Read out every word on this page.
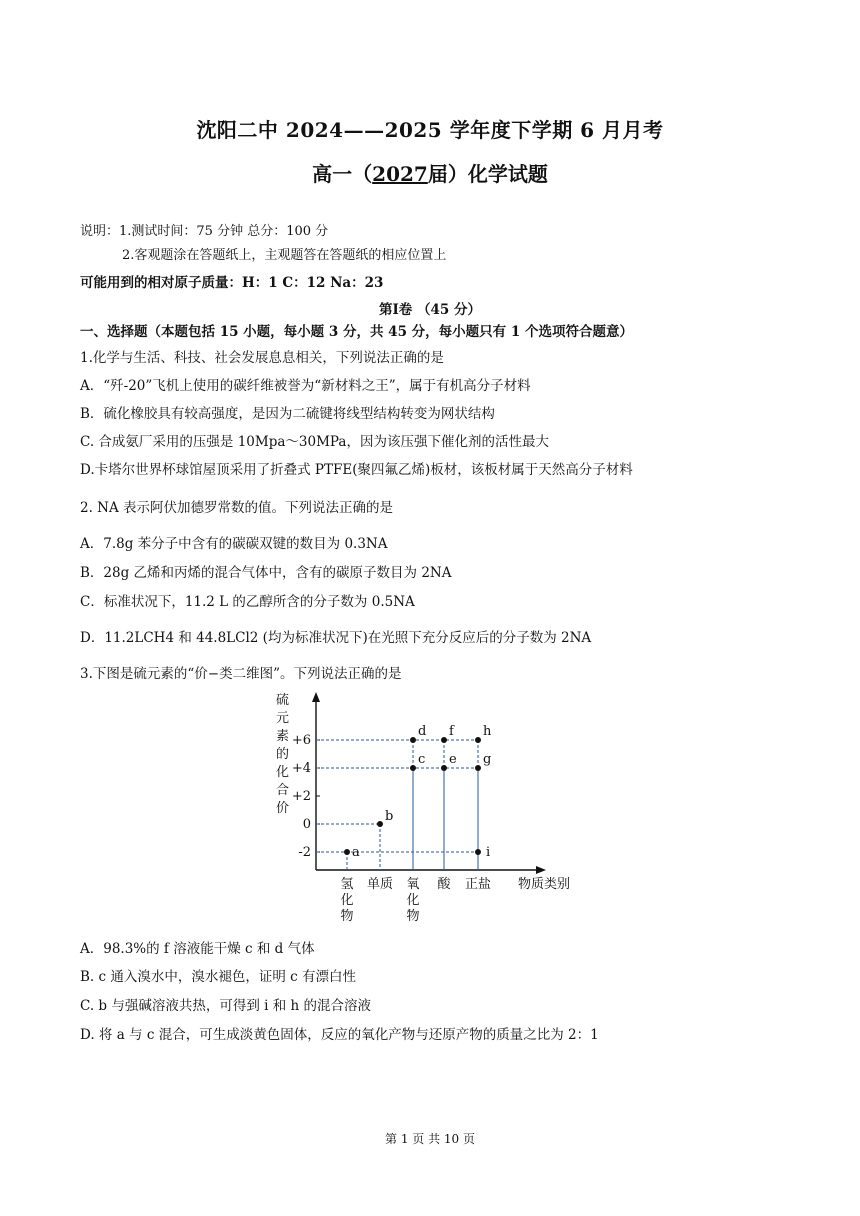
沈阳二中 2024——2025 学年度下学期 6 月月考
高一（2027届）化学试题
说明：1.测试时间：75 分钟 总分：100 分
2.客观题涂在答题纸上，主观题答在答题纸的相应位置上
可能用到的相对原子质量：H：1 C：12 Na：23
第Ⅰ卷 （45 分）
一、选择题（本题包括 15 小题，每小题 3 分，共 45 分，每小题只有 1 个选项符合题意）
1.化学与生活、科技、社会发展息息相关，下列说法正确的是
A．“歼-20”飞机上使用的碳纤维被誉为“新材料之王”，属于有机高分子材料
B．硫化橡胶具有较高强度，是因为二硫键将线型结构转变为网状结构
C. 合成氨厂采用的压强是 10Mpa～30MPa，因为该压强下催化剂的活性最大
D.卡塔尔世界杯球馆屋顶采用了折叠式 PTFE(聚四氟乙烯)板材，该板材属于天然高分子材料
2. NA 表示阿伏加德罗常数的值。下列说法正确的是
A．7.8g 苯分子中含有的碳碳双键的数目为 0.3NA
B．28g 乙烯和丙烯的混合气体中，含有的碳原子数目为 2NA
C．标准状况下，11.2 L 的乙醇所含的分子数为 0.5NA
D．11.2LCH4 和 44.8LCl2 (均为标准状况下)在光照下充分反应后的分子数为 2NA
3.下图是硫元素的“价−类二维图”。下列说法正确的是
硫
元
素
的
化
合
价
+6
+4
+2
0
-2
氢
化
物
单质 氧
化
物
酸 正盐 物质类别
a
b
c
d
e
f
g
h
i
A．98.3%的 f 溶液能干燥 c 和 d 气体
B. c 通入溴水中，溴水褪色，证明 c 有漂白性
C. b 与强碱溶液共热，可得到 i 和 h 的混合溶液
D. 将 a 与 c 混合，可生成淡黄色固体，反应的氧化产物与还原产物的质量之比为 2：1
第 1 页 共 10 页
